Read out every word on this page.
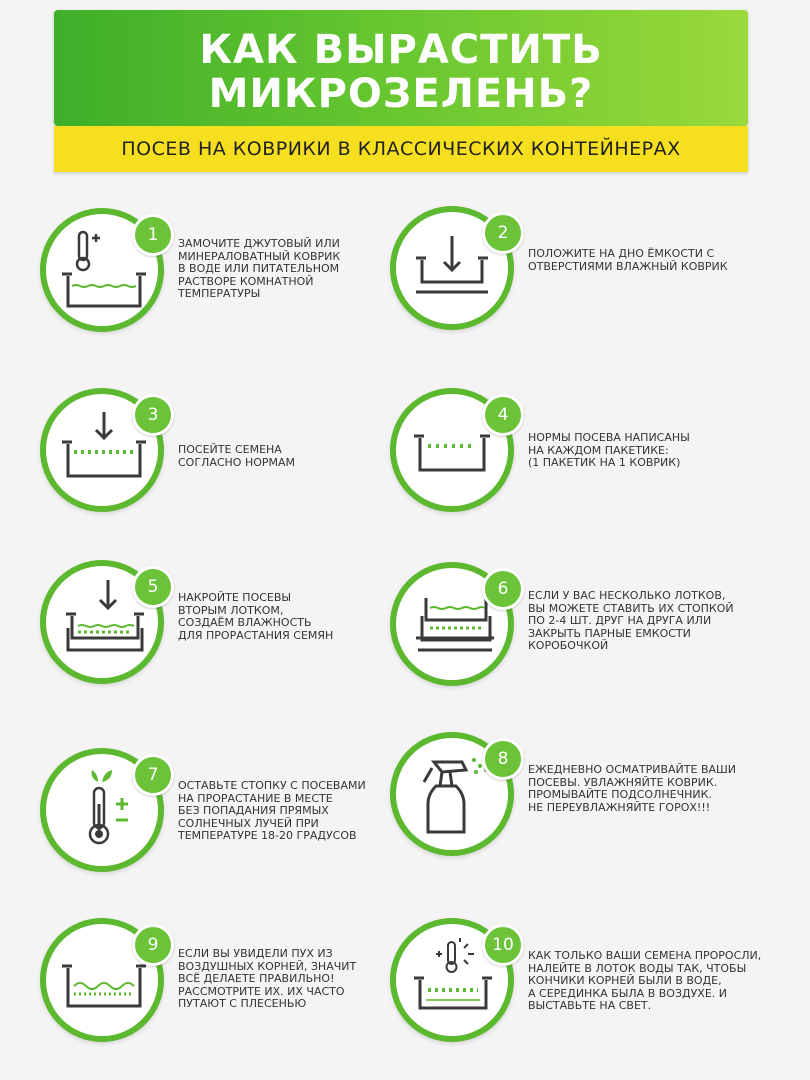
КАК ВЫРАСТИТЬ
МИКРОЗЕЛЕНЬ?
ПОСЕВ НА КОВРИКИ В КЛАССИЧЕСКИХ КОНТЕЙНЕРАХ
1	ЗАМОЧИТЕ ДЖУТОВЫЙ ИЛИ
МИНЕРАЛОВАТНЫЙ КОВРИК
В ВОДЕ ИЛИ ПИТАТЕЛЬНОМ
РАСТВОРЕ КОМНАТНОЙ
ТЕМПЕРАТУРЫ
2
ПОЛОЖИТЕ НА ДНО ЁМКОСТИ С
ОТВЕРСТИЯМИ ВЛАЖНЫЙ КОВРИК
3
ПОСЕЙТЕ СЕМЕНА
СОГЛАСНО НОРМАМ
4
НОРМЫ ПОСЕВА НАПИСАНЫ
НА КАЖДОМ ПАКЕТИКЕ:
(1 ПАКЕТИК НА 1 КОВРИК)
5
НАКРОЙТЕ ПОСЕВЫ
ВТОРЫМ ЛОТКОМ,
СОЗДАЁМ ВЛАЖНОСТЬ
ДЛЯ ПРОРАСТАНИЯ СЕМЯН
6	ЕСЛИ У ВАС НЕСКОЛЬКО ЛОТКОВ,
ВЫ МОЖЕТЕ СТАВИТЬ ИХ СТОПКОЙ
ПО 2-4 ШТ. ДРУГ НА ДРУГА ИЛИ
ЗАКРЫТЬ ПАРНЫЕ ЕМКОСТИ
КОРОБОЧКОЙ
7
ОСТАВЬТЕ СТОПКУ С ПОСЕВАМИ
НА ПРОРАСТАНИЕ В МЕСТЕ
БЕЗ ПОПАДАНИЯ ПРЯМЫХ
СОЛНЕЧНЫХ ЛУЧЕЙ ПРИ
ТЕМПЕРАТУРЕ 18-20 ГРАДУСОВ
8
ЕЖЕДНЕВНО ОСМАТРИВАЙТЕ ВАШИ
ПОСЕВЫ. УВЛАЖНЯЙТЕ КОВРИК.
ПРОМЫВАЙТЕ ПОДСОЛНЕЧНИК.
НЕ ПЕРЕУВЛАЖНЯЙТЕ ГОРОХ!!!
9	ЕСЛИ ВЫ УВИДЕЛИ ПУХ ИЗ
ВОЗДУШНЫХ КОРНЕЙ, ЗНАЧИТ
ВСЁ ДЕЛАЕТЕ ПРАВИЛЬНО!
РАССМОТРИТЕ ИХ. ИХ ЧАСТО
ПУТАЮТ С ПЛЕСЕНЬЮ
10
КАК ТОЛЬКО ВАШИ СЕМЕНА ПРОРОСЛИ,
НАЛЕЙТЕ В ЛОТОК ВОДЫ ТАК, ЧТОБЫ
КОНЧИКИ КОРНЕЙ БЫЛИ В ВОДЕ,
А СЕРЕДИНКА БЫЛА В ВОЗДУХЕ. И
ВЫСТАВЬТЕ НА СВЕТ.
